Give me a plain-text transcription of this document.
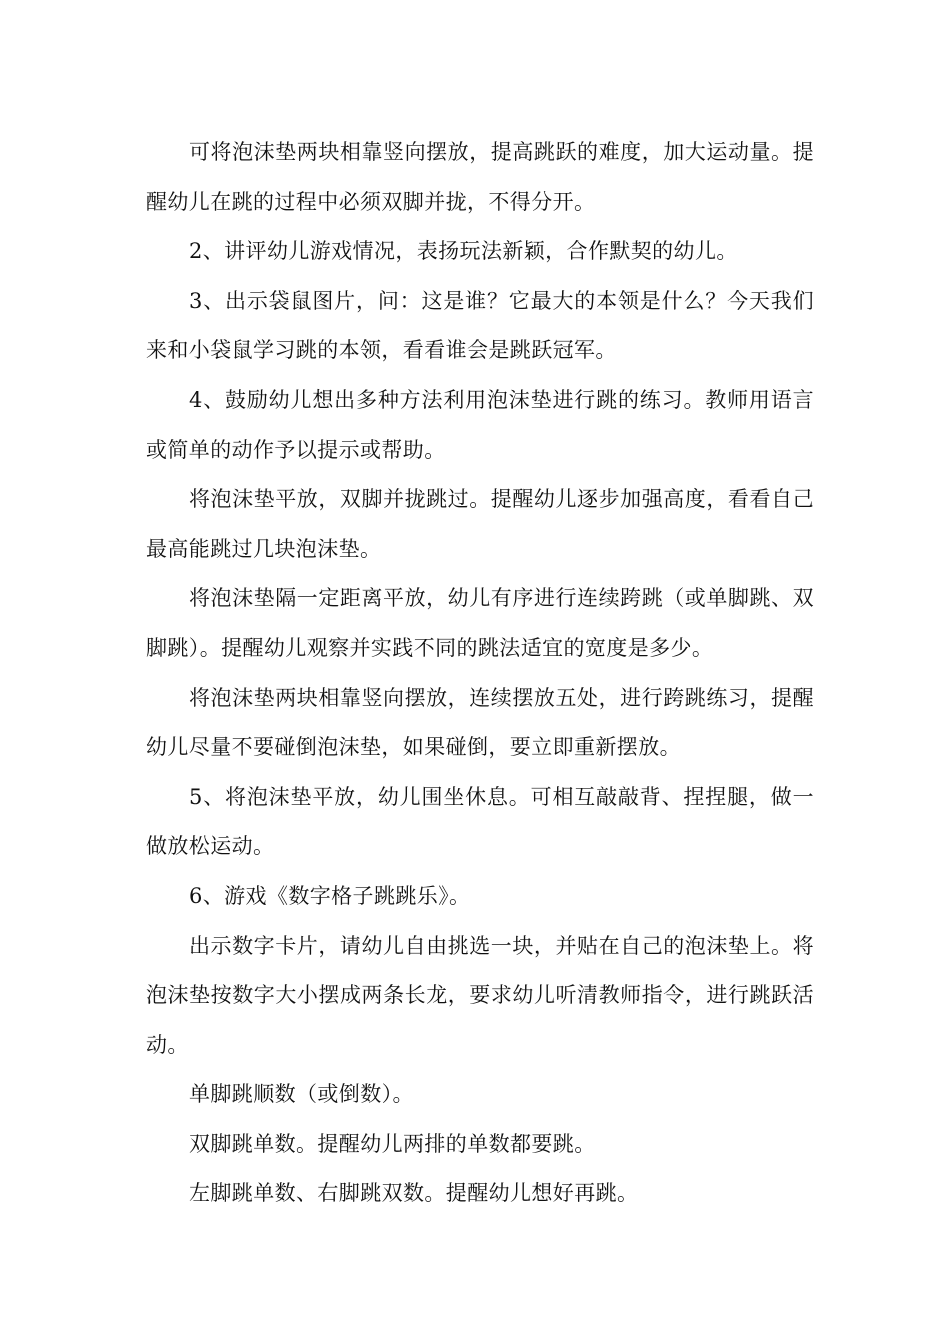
可将泡沫垫两块相靠竖向摆放，提高跳跃的难度，加大运动量。提醒幼儿在跳的过程中必须双脚并拢，不得分开。

2、讲评幼儿游戏情况，表扬玩法新颖，合作默契的幼儿。

3、出示袋鼠图片，问：这是谁？它最大的本领是什么？今天我们来和小袋鼠学习跳的本领，看看谁会是跳跃冠军。

4、鼓励幼儿想出多种方法利用泡沫垫进行跳的练习。教师用语言或简单的动作予以提示或帮助。

将泡沫垫平放，双脚并拢跳过。提醒幼儿逐步加强高度，看看自己最高能跳过几块泡沫垫。

将泡沫垫隔一定距离平放，幼儿有序进行连续跨跳（或单脚跳、双脚跳）。提醒幼儿观察并实践不同的跳法适宜的宽度是多少。

将泡沫垫两块相靠竖向摆放，连续摆放五处，进行跨跳练习，提醒幼儿尽量不要碰倒泡沫垫，如果碰倒，要立即重新摆放。

5、将泡沫垫平放，幼儿围坐休息。可相互敲敲背、捏捏腿，做一做放松运动。

6、游戏《数字格子跳跳乐》。

出示数字卡片，请幼儿自由挑选一块，并贴在自己的泡沫垫上。将泡沫垫按数字大小摆成两条长龙，要求幼儿听清教师指令，进行跳跃活动。

单脚跳顺数（或倒数）。

双脚跳单数。提醒幼儿两排的单数都要跳。

左脚跳单数、右脚跳双数。提醒幼儿想好再跳。
